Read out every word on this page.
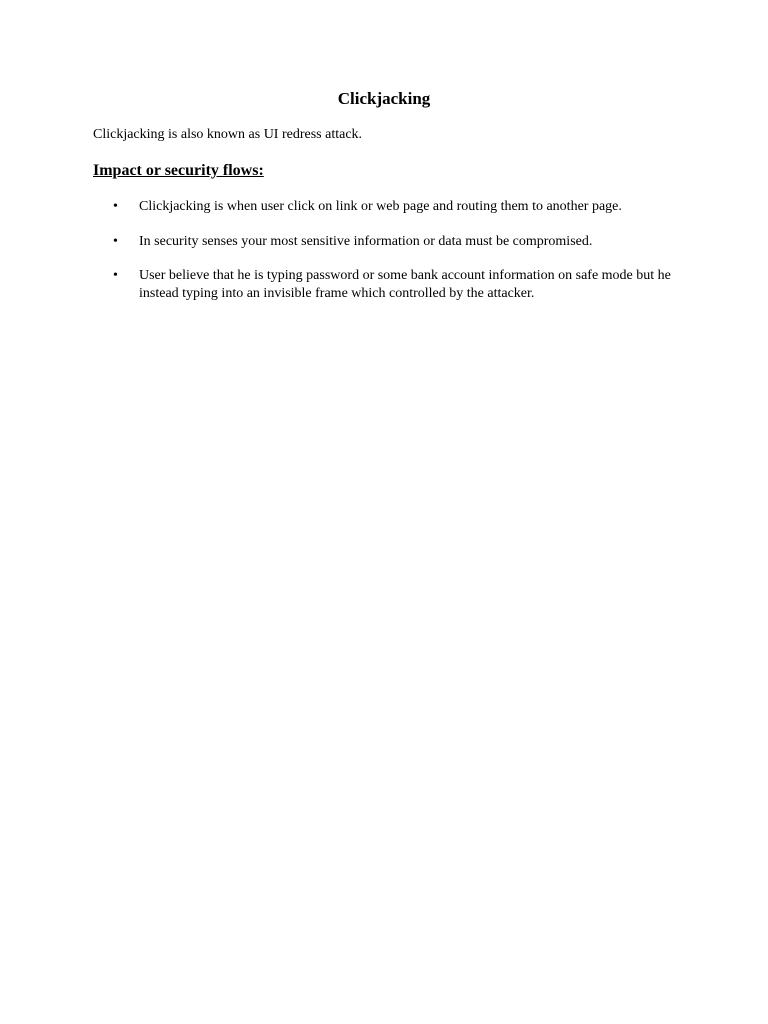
Clickjacking

Clickjacking is also known as UI redress attack.

Impact or security flows:
•	Clickjacking is when user click on link or web page and routing them to another page.
•	In security senses your most sensitive information or data must be compromised.
•	User believe that he is typing password or some bank account information on safe mode but he instead typing into an invisible frame which controlled by the attacker.
